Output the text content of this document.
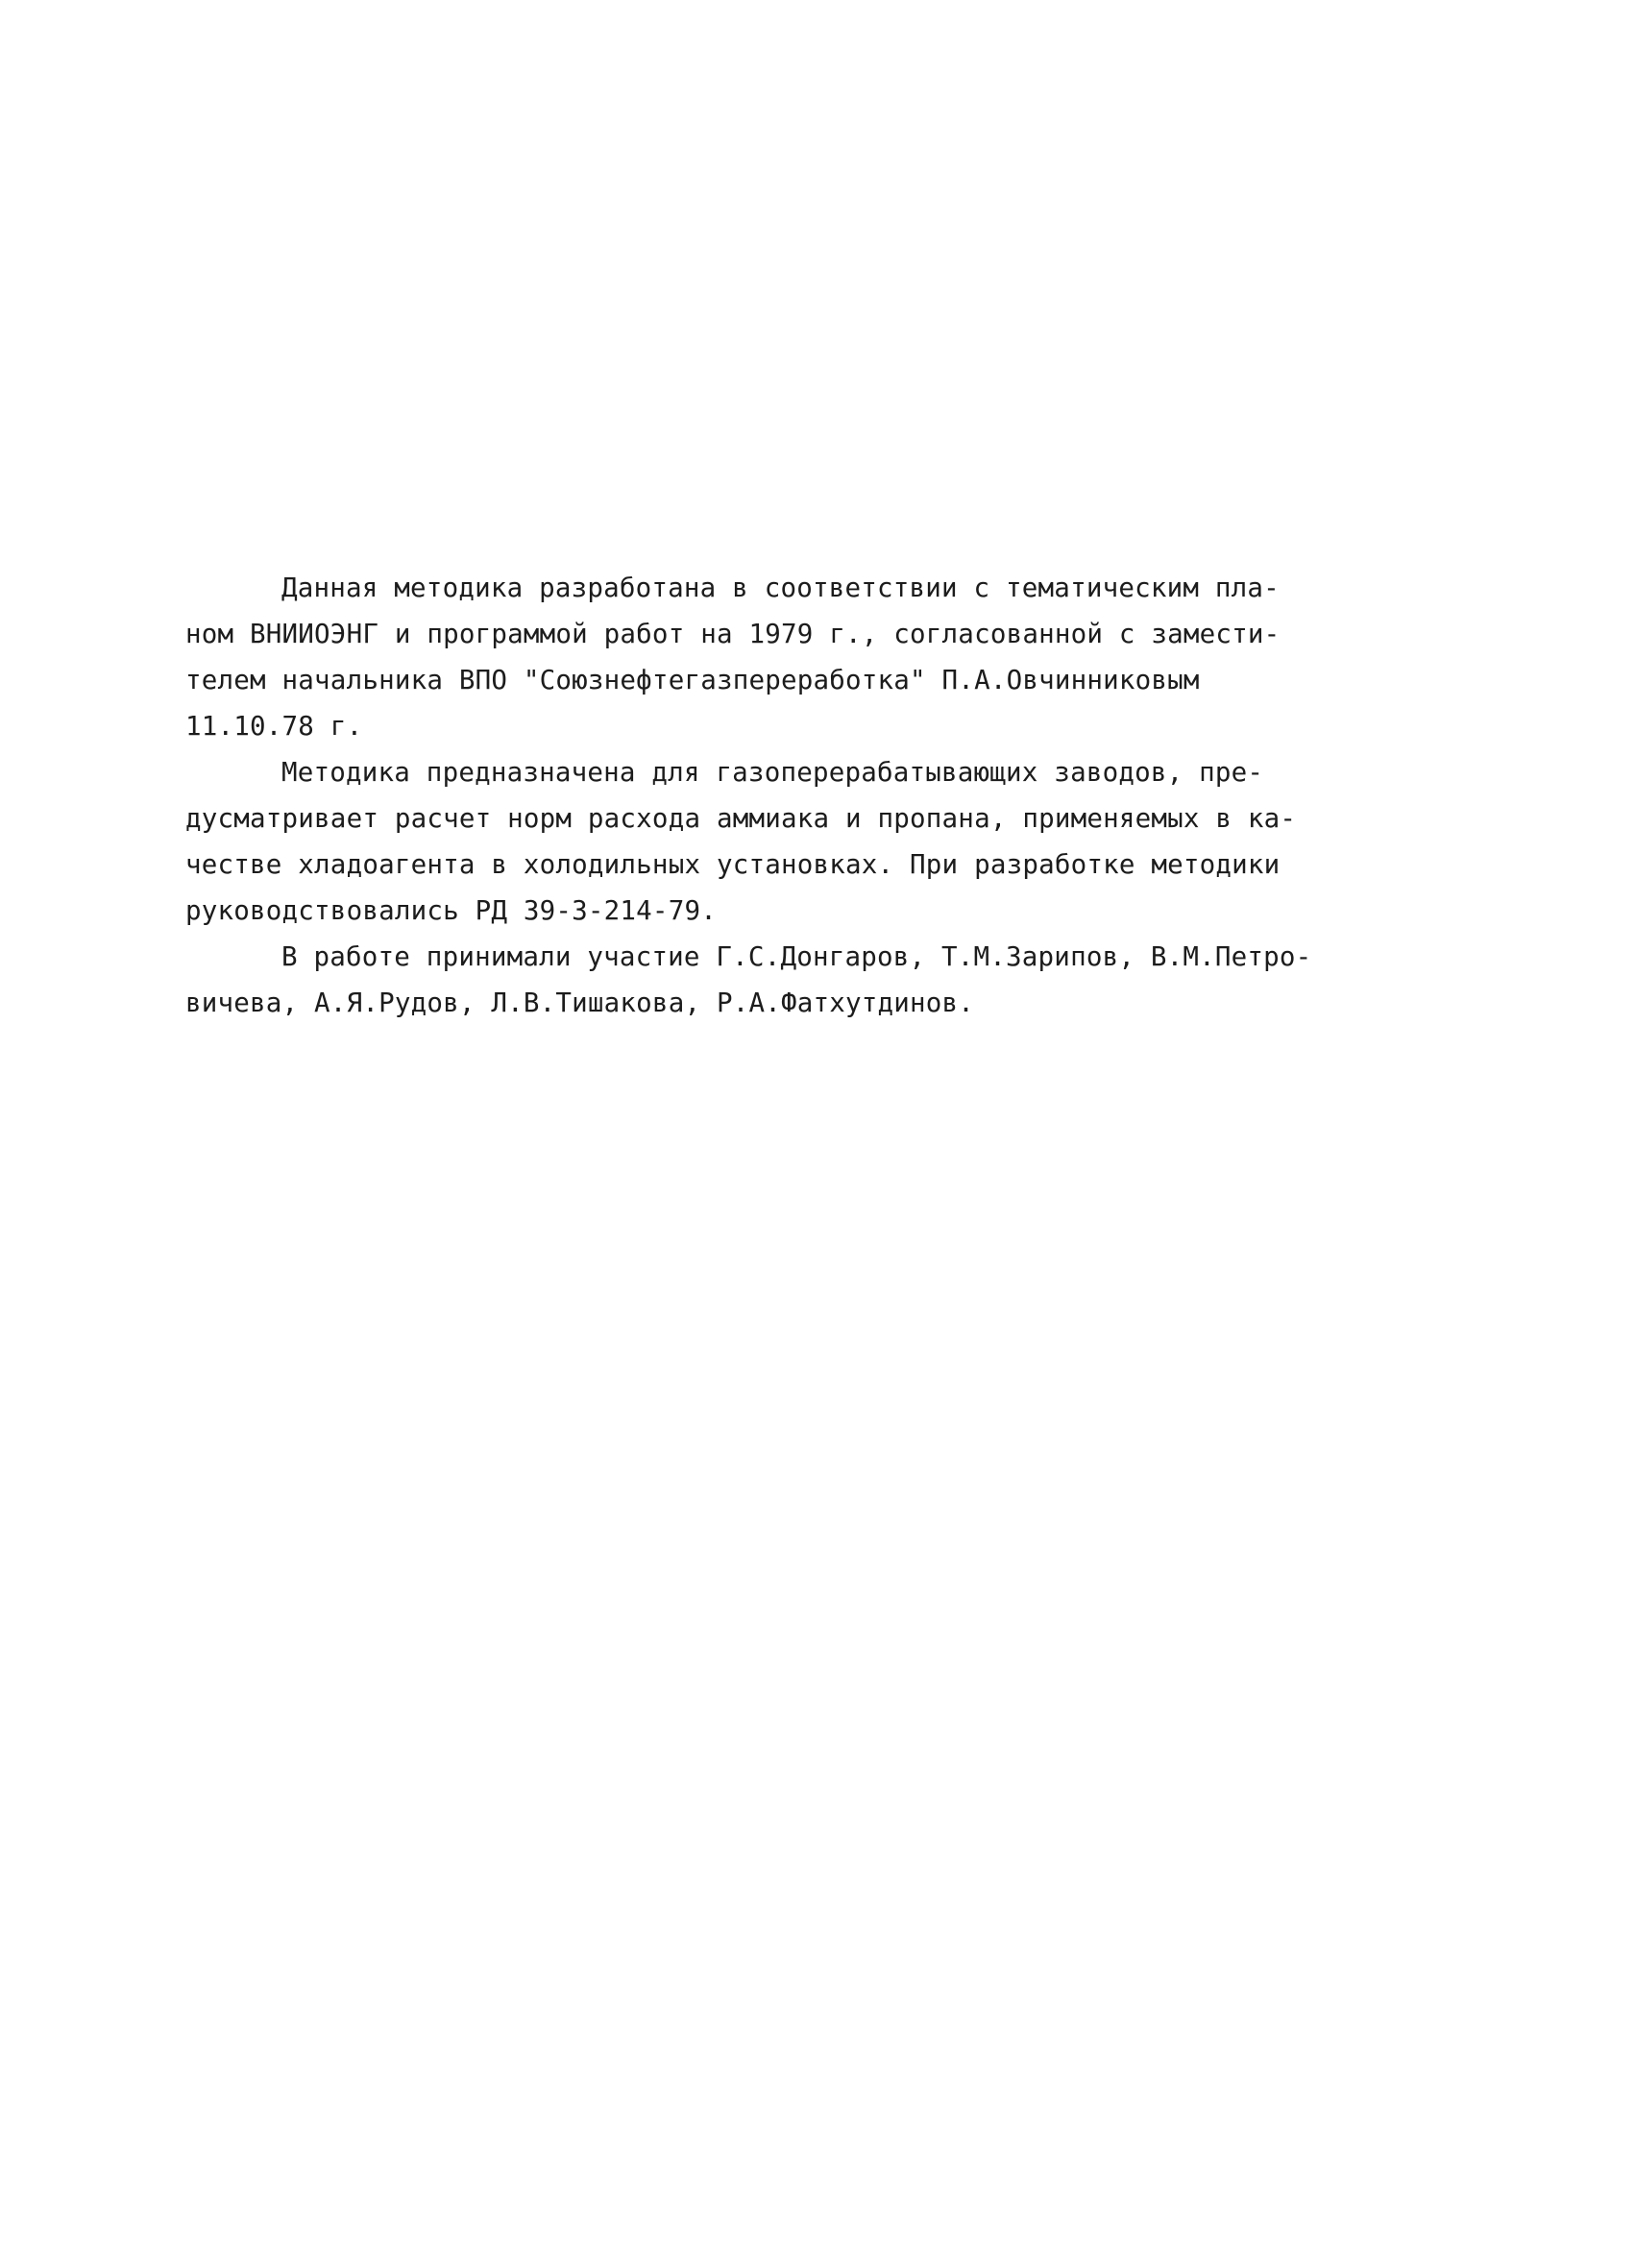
Данная методика разработана в соответствии с тематическим пла-
ном ВНИИОЭНГ и программой работ на 1979 г., согласованной с замести-
телем начальника ВПО "Союзнефтегазпереработка" П.А.Овчинниковым
11.10.78 г.
Методика предназначена для газоперерабатывающих заводов, пре-
дусматривает расчет норм расхода аммиака и пропана, применяемых в ка-
честве хладоагента в холодильных установках. При разработке методики
руководствовались РД 39-3-214-79.
В работе принимали участие Г.С.Донгаров, Т.М.Зарипов, В.М.Петро-
вичева, А.Я.Рудов, Л.В.Тишакова, Р.А.Фатхутдинов.
